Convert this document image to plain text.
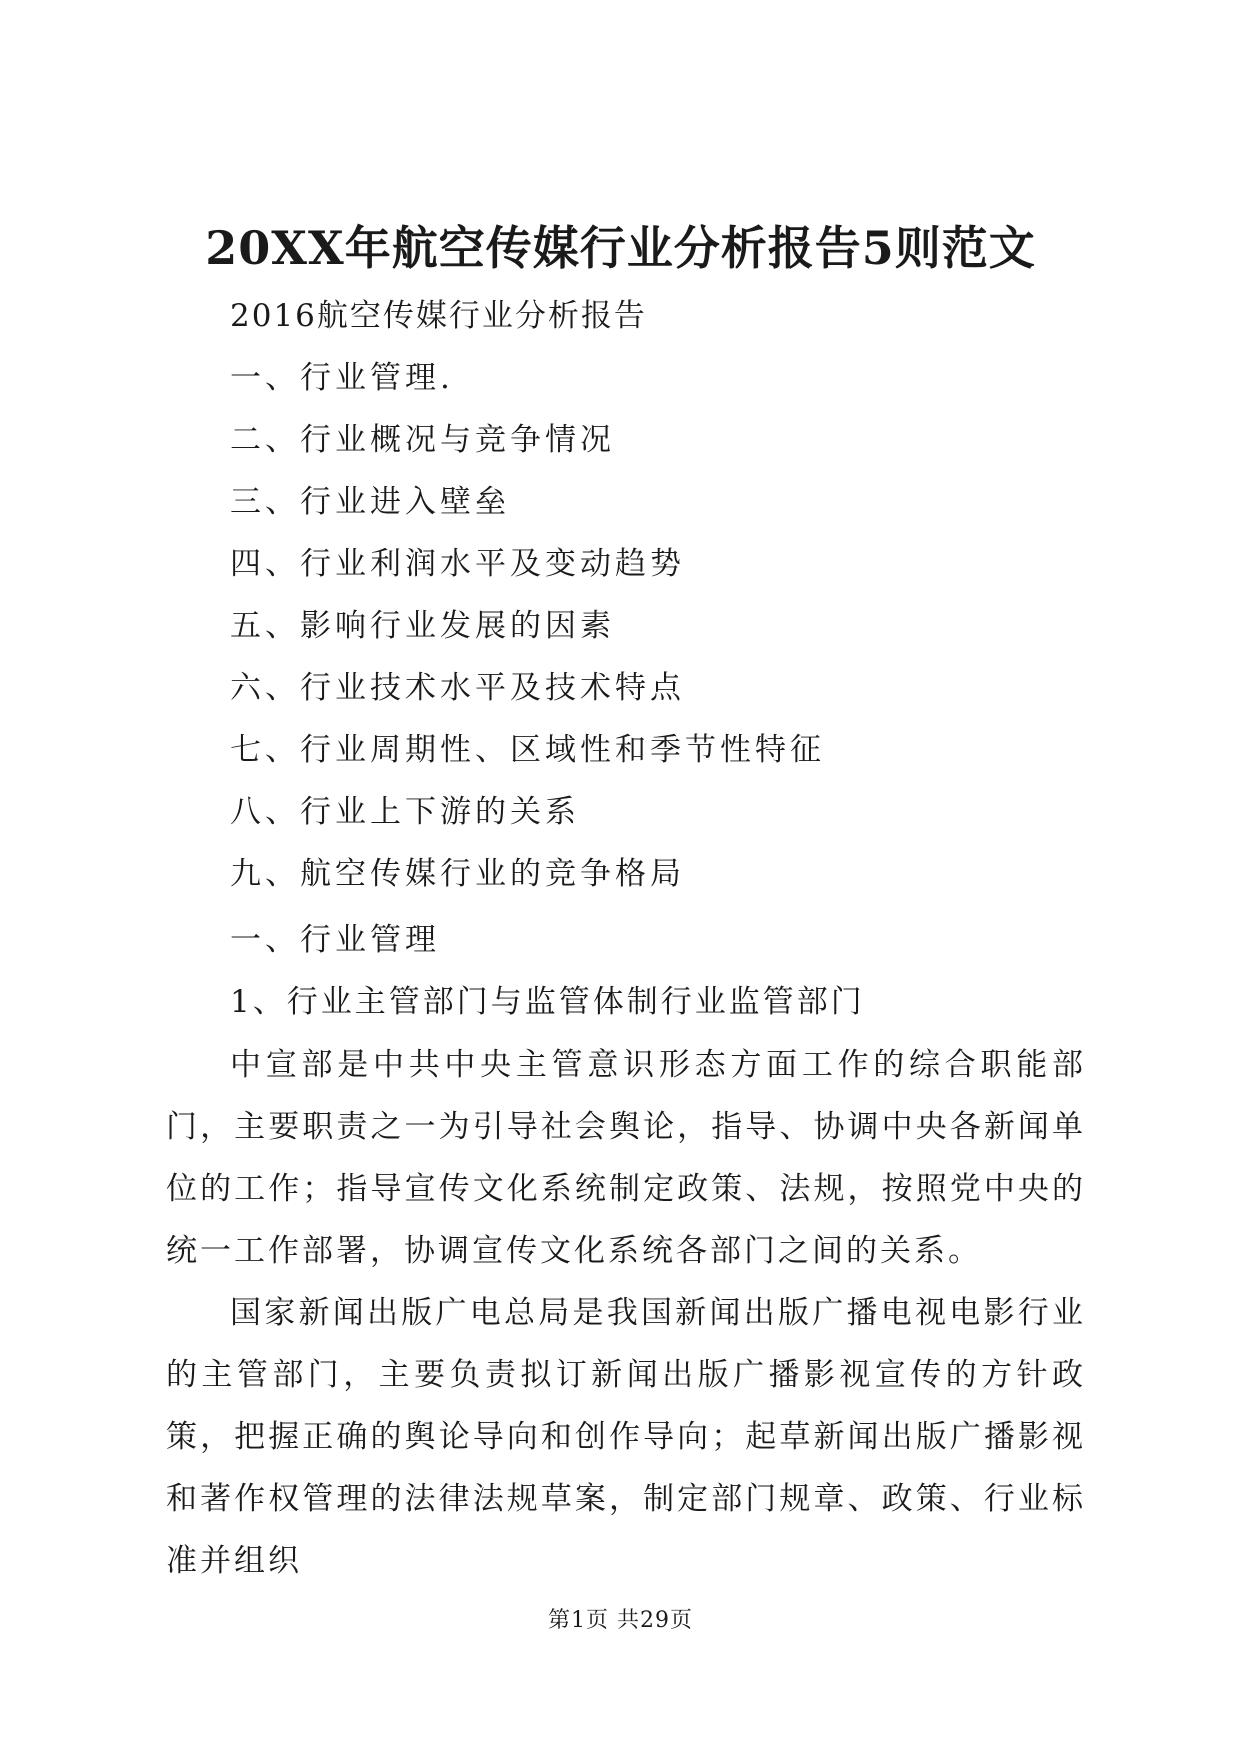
20XX年航空传媒行业分析报告5则范文
2016航空传媒行业分析报告
一、行业管理.
二、行业概况与竞争情况
三、行业进入壁垒
四、行业利润水平及变动趋势
五、影响行业发展的因素
六、行业技术水平及技术特点
七、行业周期性、区域性和季节性特征
八、行业上下游的关系
九、航空传媒行业的竞争格局
一、行业管理
1、行业主管部门与监管体制行业监管部门

中宣部是中共中央主管意识形态方面工作的综合职能部门，主要职责之一为引导社会舆论，指导、协调中央各新闻单位的工作；指导宣传文化系统制定政策、法规，按照党中央的统一工作部署，协调宣传文化系统各部门之间的关系。

国家新闻出版广电总局是我国新闻出版广播电视电影行业的主管部门，主要负责拟订新闻出版广播影视宣传的方针政策，把握正确的舆论导向和创作导向；起草新闻出版广播影视和著作权管理的法律法规草案，制定部门规章、政策、行业标准并组织

第1页 共29页
